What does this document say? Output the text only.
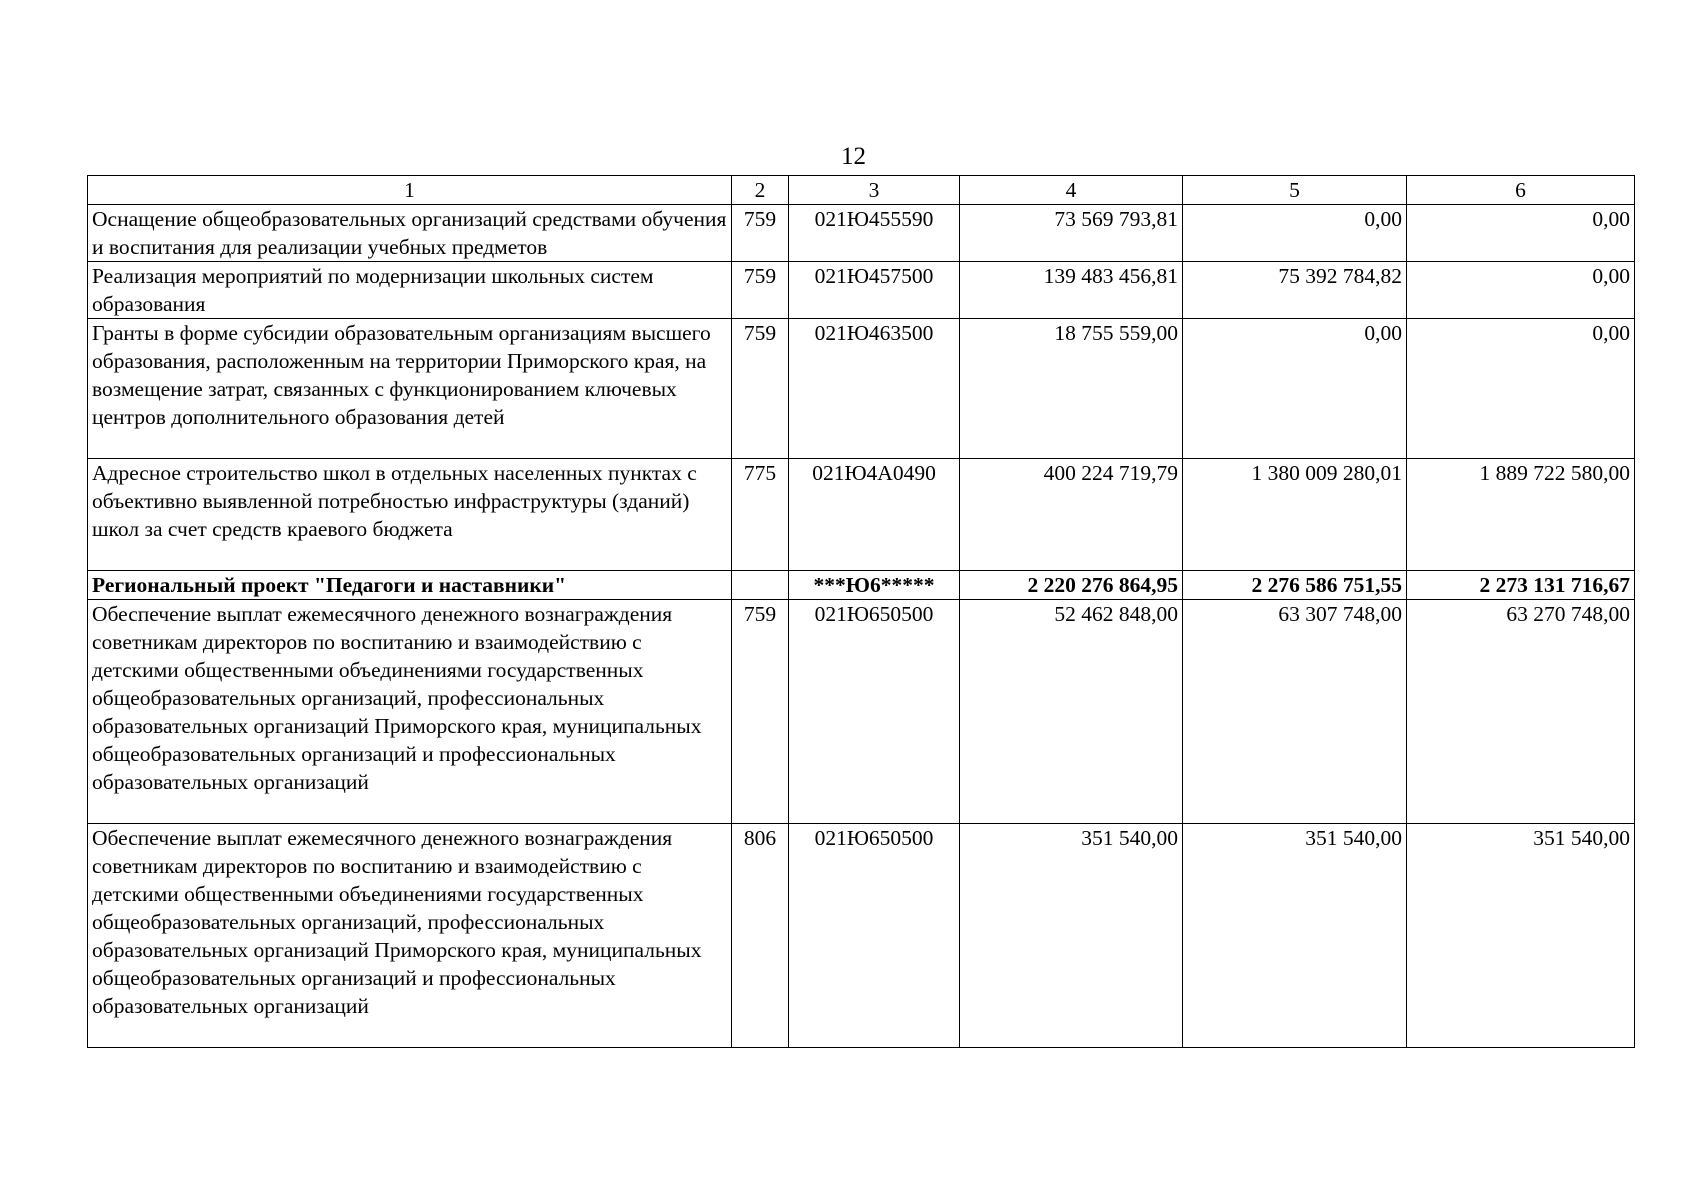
12
1	2	3	4	5	6
Оснащение общеобразовательных организаций средствами обучения и воспитания для реализации учебных предметов	759	021Ю455590	73 569 793,81	0,00	0,00
Реализация мероприятий по модернизации школьных систем образования	759	021Ю457500	139 483 456,81	75 392 784,82	0,00
Гранты в форме субсидии образовательным организациям высшего образования, расположенным на территории Приморского края, на возмещение затрат, связанных с функционированием ключевых центров дополнительного образования детей	759	021Ю463500	18 755 559,00	0,00	0,00
Адресное строительство школ в отдельных населенных пунктах с объективно выявленной потребностью инфраструктуры (зданий) школ за счет средств краевого бюджета	775	021Ю4А0490	400 224 719,79	1 380 009 280,01	1 889 722 580,00
Региональный проект "Педагоги и наставники"		***Ю6*****	2 220 276 864,95	2 276 586 751,55	2 273 131 716,67
Обеспечение выплат ежемесячного денежного вознаграждения советникам директоров по воспитанию и взаимодействию с детскими общественными объединениями государственных общеобразовательных организаций, профессиональных образовательных организаций Приморского края, муниципальных общеобразовательных организаций и профессиональных образовательных организаций	759	021Ю650500	52 462 848,00	63 307 748,00	63 270 748,00
Обеспечение выплат ежемесячного денежного вознаграждения советникам директоров по воспитанию и взаимодействию с детскими общественными объединениями государственных общеобразовательных организаций, профессиональных образовательных организаций Приморского края, муниципальных общеобразовательных организаций и профессиональных образовательных организаций	806	021Ю650500	351 540,00	351 540,00	351 540,00
